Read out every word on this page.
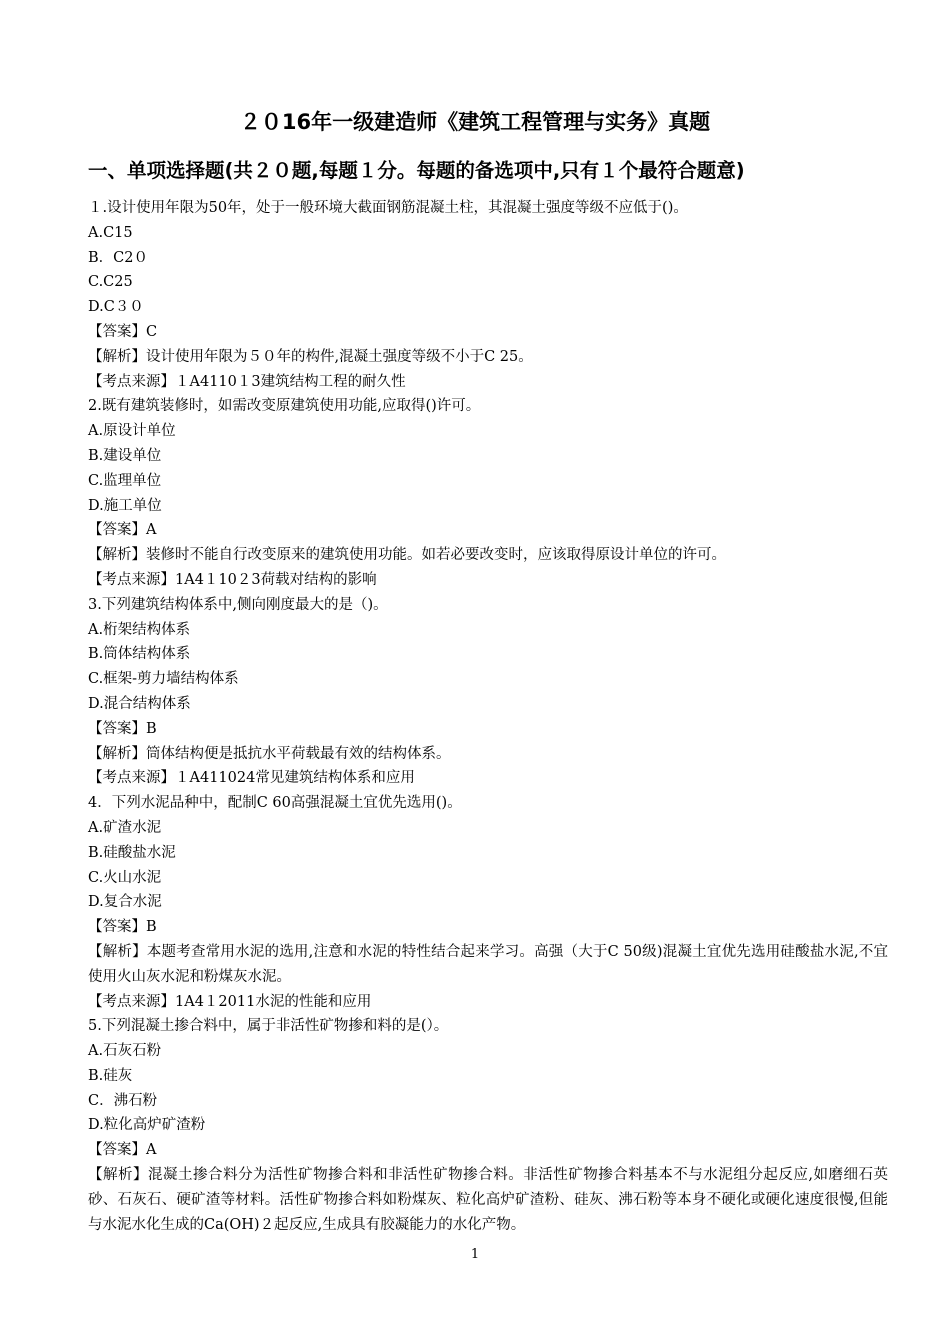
２０16年一级建造师《建筑工程管理与实务》真题
一、单项选择题(共２０题,每题１分。每题的备选项中,只有１个最符合题意)
１.设计使用年限为50年，处于一般环境大截面钢筋混凝土柱，其混凝土强度等级不应低于()。
A.C15
B．C2０
C.C25
D.C３０
【答案】C
【解析】设计使用年限为５０年的构件,混凝土强度等级不小于C 25。
【考点来源】１A4110１3建筑结构工程的耐久性
2.既有建筑装修时，如需改变原建筑使用功能,应取得()许可。
A.原设计单位
B.建设单位
C.监理单位
D.施工单位
【答案】A
【解析】装修时不能自行改变原来的建筑使用功能。如若必要改变时，应该取得原设计单位的许可。
【考点来源】1A4１10２3荷载对结构的影响
3.下列建筑结构体系中,侧向刚度最大的是（)。
A.桁架结构体系
B.筒体结构体系
C.框架-剪力墙结构体系
D.混合结构体系
【答案】B
【解析】筒体结构便是抵抗水平荷载最有效的结构体系。
【考点来源】１A411024常见建筑结构体系和应用
4．下列水泥品种中，配制C 60高强混凝土宜优先选用()。
A.矿渣水泥
B.硅酸盐水泥
C.火山水泥
D.复合水泥
【答案】B
【解析】本题考查常用水泥的选用,注意和水泥的特性结合起来学习。高强（大于C 50级)混凝土宜优先选用硅酸盐水泥,不宜使用火山灰水泥和粉煤灰水泥。
【考点来源】1A4１2011水泥的性能和应用
5.下列混凝土掺合料中，属于非活性矿物掺和料的是(）。
A.石灰石粉
B.硅灰
C．沸石粉
D.粒化高炉矿渣粉
【答案】A
【解析】混凝土掺合料分为活性矿物掺合料和非活性矿物掺合料。非活性矿物掺合料基本不与水泥组分起反应,如磨细石英砂、石灰石、硬矿渣等材料。活性矿物掺合料如粉煤灰、粒化高炉矿渣粉、硅灰、沸石粉等本身不硬化或硬化速度很慢,但能与水泥水化生成的Ca(OH)２起反应,生成具有胶凝能力的水化产物。
1
